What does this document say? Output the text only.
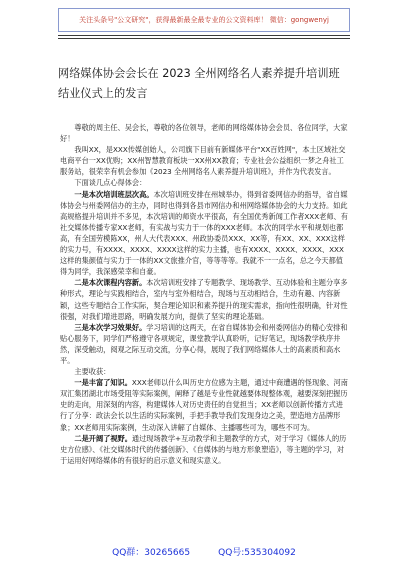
关注头条号"公文研究"，获得最新最全最专业的公文资料库！ 微信：gongwenyj
网络媒体协会会长在 2023 全州网络名人素养提升培训班结业仪式上的发言

尊敬的周主任、吴会长，尊敬的各位领导，老师的网络媒体协会会员、各位同学，大家好！

我叫XX，是XXX传媒创始人，公司旗下目前有新媒体平台"XX百姓网"，本土区域社交电商平台一XX优购；XX州智慧教育板块一XX州XX教育；专业社会公益组织一梦之舟社工服务站，很荣幸有机会参加《2023 全州网络名人素养提升培训班》，并作为代表发言。

下面谈几点心得体会：

一是本次培训班层次高。本次培训班安排在州城举办，得到省委网信办的指导，省自媒体协会与州委网信办的主办，同时也得到各县市网信办和州网络媒体协会的大力支持。如此高规格提升培训并不多见，本次培训的师资水平很高，有全国优秀新闻工作者XXX老师、有社交媒体传播专家XX老师，有实战与实力于一体的XXX老师。本次的同学水平和规划也都高，有全国劳模陈XX，州人大代表XXX、州政协委员XXX、XX等，有XX、XX、XXX这样的实力号，有XXXX、XXXX、XXXX这样的实力主播，也有XXXX、XXXX、XXXX、XXX这样的集颜值与实力于一体的XX文旅推介官，等等等等。我就不一一点名，总之今天都值得为同学，我深感荣幸和自豪。

二是本次课程内容新。本次培训班安排了专题教学、现场教学、互动体验和主题分享多种形式，理论与实践相结合，室内与室外相结合，现场与互动相结合，生动有趣、内容新颖，这些专题结合工作实际，契合理论知识和素养提升的现实需求，指向性很明确，针对性很强，对我们增进思路，明确发展方向，提供了坚实的理论基础。

三是本次学习效果好。学习培训的这两天，在省自媒体协会和州委网信办的精心安排和贴心服务下，同学们严格遵守各项规定，课堂教学认真聆听，记好笔记，现场教学秩序井然，深受触动，阅观之际互动交流，分享心得，展现了我们网络媒体人士的高素质和高水平。

主要收获：

一是丰富了知识。XXX老师以什么叫历史方位感为主题，通过中商遭遇的怪现象、河南双汇集团湖北市场受阻等实际案例，阐释了越是专业性就越要体现整体观，越要深刻把握历史的走向，用深刻的内容，构建媒体人对历史责任的自觉担当；XX老师以创新传播方式进行了分享：政法会长以生活的实际案例，手把手教导我们发现身边之美，塑造地方品牌形象；XX老师用实际案例，生动深入讲解了自媒体、主播哪些可为，哪些不可为。

二是开阔了视野。通过现场教学+互动教学和主题教学的方式，对于学习《媒体人的历史方位感》、《社交媒体时代的传播创新》、《自媒体的与地方形象塑造》，等主题的学习，对于运用好网络媒体的有很好的启示意义和现实意义。

QQ群：30265665	QQ号:535304092
